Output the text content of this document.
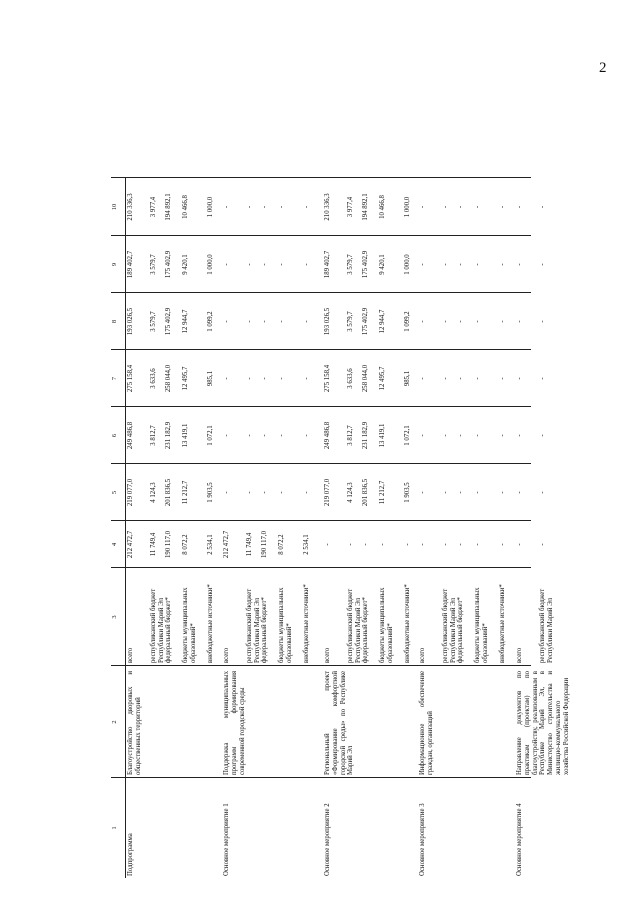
2
1
2
3
4
5
6
7
8
9
10
Подпрограмма
Благоустройство дворовых и общественных территорий
всего
212 472,7
219 077,0
249 486,8
275 158,4
193 026,5
189 402,7
210 336,3
республиканский бюджет Республики Марий Эл
11 749,4
4 124,3
3 812,7
3 633,6
3 579,7
3 579,7
3 977,4
федеральный бюджет*
190 117,0
201 836,5
231 182,9
258 044,0
175 402,9
175 402,9
194 892,1
бюджеты муниципальных образований*
8 072,2
11 212,7
13 419,1
12 495,7
12 944,7
9 420,1
10 466,8
внебюджетные источники*
2 534,1
1 903,5
1 072,1
985,1
1 099,2
1 000,0
1 000,0
Основное мероприятие 1
Поддержка муниципальных программ формирования современной городской среды
всего
212 472,7
-
-
-
-
-
-
республиканский бюджет Республики Марий Эл
11 749,4
-
-
-
-
-
-
федеральный бюджет*
190 117,0
-
-
-
-
-
-
бюджеты муниципальных образований*
8 072,2
-
-
-
-
-
-
внебюджетные источники*
2 534,1
-
-
-
-
-
-
Основное мероприятие 2
Региональный проект «Формирование комфортной городской среды» по Республике Марий Эл
всего
-
219 077,0
249 486,8
275 158,4
193 026,5
189 402,7
210 336,3
республиканский бюджет Республики Марий Эл
-
4 124,3
3 812,7
3 633,6
3 579,7
3 579,7
3 977,4
федеральный бюджет*
-
201 836,5
231 182,9
258 044,0
175 402,9
175 402,9
194 892,1
бюджеты муниципальных образований*
-
11 212,7
13 419,1
12 495,7
12 944,7
9 420,1
10 466,8
внебюджетные источники*
-
1 903,5
1 072,1
985,1
1 099,2
1 000,0
1 000,0
Основное мероприятие 3
Информационное обеспечение граждан, организаций
всего
-
-
-
-
-
-
-
республиканский бюджет Республики Марий Эл
-
-
-
-
-
-
-
федеральный бюджет*
-
-
-
-
-
-
-
бюджеты муниципальных образований*
-
-
-
-
-
-
-
внебюджетные источники*
-
-
-
-
-
-
-
Основное мероприятие 4
Направление документов по практикам (проектам) по благоустройству, реализованным в Республике Марий Эл, в Министерство строительства и жилищно-коммунального хозяйства Российской Федерации
всего
-
-
-
-
-
-
-
республиканский бюджет Республики Марий Эл
-
-
-
-
-
-
-
